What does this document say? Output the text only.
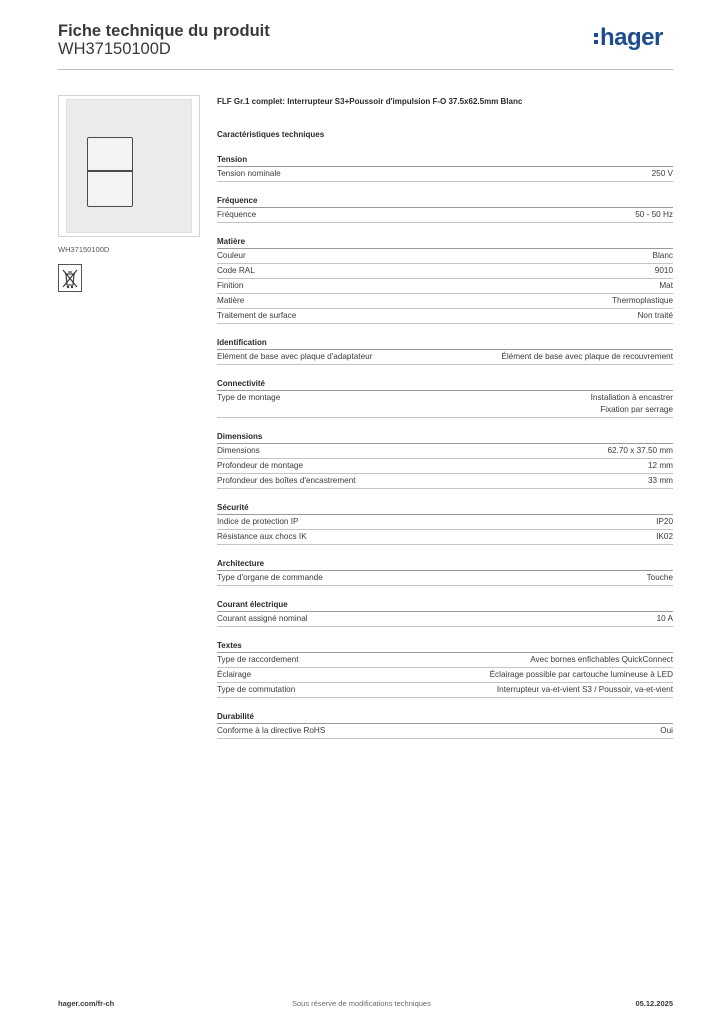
Fiche technique du produit
WH37150100D	hager
WH37150100D
FLF Gr.1 complet: Interrupteur S3+Poussoir d'impulsion F-O 37.5x62.5mm Blanc
Caractéristiques techniques
Tension
Tension nominale	250 V
Fréquence
Fréquence	50 - 50 Hz
Matière
Couleur	Blanc
Code RAL	9010
Finition	Mat
Matière	Thermoplastique
Traitement de surface	Non traité
Identification
Elément de base avec plaque d'adaptateur	Élément de base avec plaque de recouvrement
Connectivité
Type de montage	Installation à encastrer
Fixation par serrage
Dimensions
Dimensions	62.70 x 37.50 mm
Profondeur de montage	12 mm
Profondeur des boîtes d'encastrement	33 mm
Sécurité
Indice de protection IP	IP20
Résistance aux chocs IK	IK02
Architecture
Type d'organe de commande	Touche
Courant électrique
Courant assigné nominal	10 A
Textes
Type de raccordement	Avec bornes enfichables QuickConnect
Éclairage	Éclairage possible par cartouche lumineuse à LED
Type de commutation	Interrupteur va-et-vient S3 / Poussoir, va-et-vient
Durabilité
Conforme à la directive RoHS	Oui
hager.com/fr-ch	Sous réserve de modifications techniques	05.12.2025
